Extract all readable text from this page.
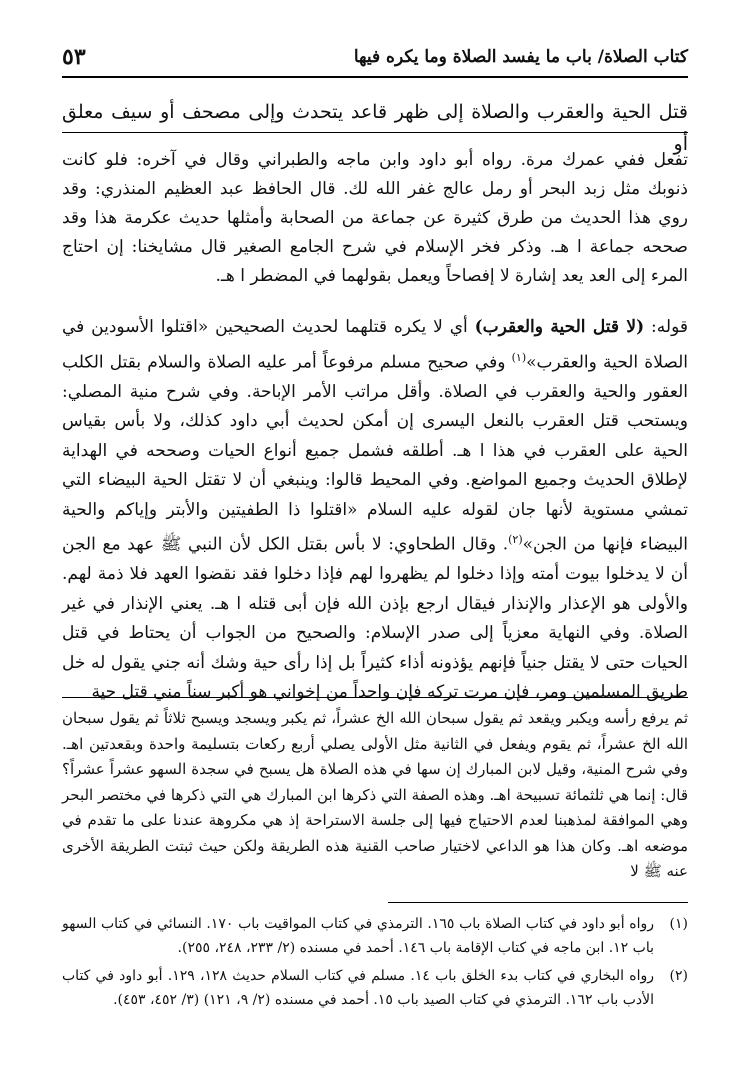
كتاب الصلاة/ باب ما يفسد الصلاة وما يكره فيها
٥٣
قتل الحية والعقرب والصلاة إلى ظهر قاعد يتحدث وإلى مصحف أو سيف معلق أو
تفعل ففي عمرك مرة. رواه أبو داود وابن ماجه والطبراني وقال في آخره: فلو كانت ذنوبك مثل زبد البحر أو رمل عالج غفر الله لك. قال الحافظ عبد العظيم المنذري: وقد روي هذا الحديث من طرق كثيرة عن جماعة من الصحابة وأمثلها حديث عكرمة هذا وقد صححه جماعة ا هـ. وذكر فخر الإسلام في شرح الجامع الصغير قال مشايخنا: إن احتاج المرء إلى العد يعد إشارة لا إفصاحاً ويعمل بقولهما في المضطر ا هـ.
قوله: (لا قتل الحية والعقرب) أي لا يكره قتلهما لحديث الصحيحين «اقتلوا الأسودين في الصلاة الحية والعقرب»$^{(١)}$ وفي صحيح مسلم مرفوعاً أمر عليه الصلاة والسلام بقتل الكلب العقور والحية والعقرب في الصلاة. وأقل مراتب الأمر الإباحة. وفي شرح منية المصلي: ويستحب قتل العقرب بالنعل اليسرى إن أمكن لحديث أبي داود كذلك، ولا بأس بقياس الحية على العقرب في هذا ا هـ. أطلقه فشمل جميع أنواع الحيات وصححه في الهداية لإطلاق الحديث وجميع المواضع. وفي المحيط قالوا: وينبغي أن لا تقتل الحية البيضاء التي تمشي مستوية لأنها جان لقوله عليه السلام «اقتلوا ذا الطفيتين والأبتر وإياكم والحية البيضاء فإنها من الجن»$^{(٢)}$. وقال الطحاوي: لا بأس بقتل الكل لأن النبي ﷺ عهد مع الجن أن لا يدخلوا بيوت أمته وإذا دخلوا لم يظهروا لهم فإذا دخلوا فقد نقضوا العهد فلا ذمة لهم. والأولى هو الإعذار والإنذار فيقال ارجع بإذن الله فإن أبى قتله ا هـ. يعني الإنذار في غير الصلاة. وفي النهاية معزياً إلى صدر الإسلام: والصحيح من الجواب أن يحتاط في قتل الحيات حتى لا يقتل جنياً فإنهم يؤذونه أذاء كثيراً بل إذا رأى حية وشك أنه جني يقول له خل طريق المسلمين ومر، فإن مرت تركه فإن واحداً من إخواني هو أكبر سناً مني قتل حية
ثم يرفع رأسه ويكبر ويقعد ثم يقول سبحان الله الخ عشراً، ثم يكبر ويسجد ويسبح ثلاثاً ثم يقول سبحان الله الخ عشراً، ثم يقوم ويفعل في الثانية مثل الأولى يصلي أربع ركعات بتسليمة واحدة وبقعدتين اهـ. وفي شرح المنية، وقيل لابن المبارك إن سها في هذه الصلاة هل يسبح في سجدة السهو عشراً عشراً؟ قال: إنما هي ثلثمائة تسبيحة اهـ. وهذه الصفة التي ذكرها ابن المبارك هي التي ذكرها في مختصر البحر وهي الموافقة لمذهبنا لعدم الاحتياج فيها إلى جلسة الاستراحة إذ هي مكروهة عندنا على ما تقدم في موضعه اهـ. وكان هذا هو الداعي لاختيار صاحب القنية هذه الطريقة ولكن حيث ثبتت الطريقة الأخرى عنه ﷺ لا
(١)
رواه أبو داود في كتاب الصلاة باب ١٦٥. الترمذي في كتاب المواقيت باب ١٧٠. النسائي في كتاب السهو باب ١٢. ابن ماجه في كتاب الإقامة باب ١٤٦. أحمد في مسنده (٢/ ٢٣٣، ٢٤٨، ٢٥٥).
(٢)
رواه البخاري في كتاب بدء الخلق باب ١٤. مسلم في كتاب السلام حديث ١٢٨، ١٢٩. أبو داود في كتاب الأدب باب ١٦٢. الترمذي في كتاب الصيد باب ١٥. أحمد في مسنده (٢/ ٩، ١٢١) (٣/ ٤٥٢، ٤٥٣).
